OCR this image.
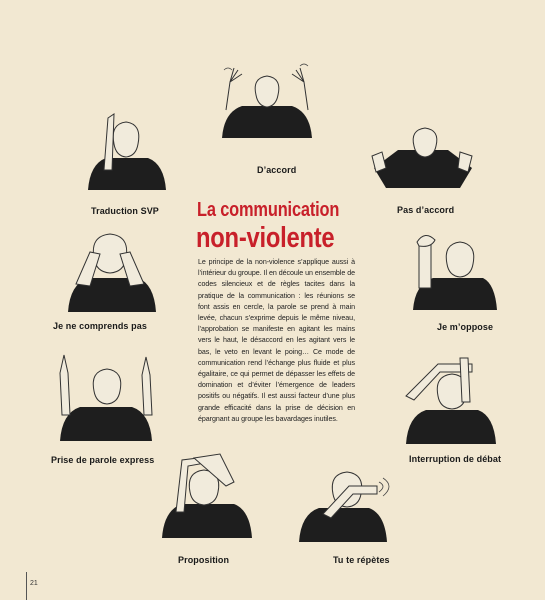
D’accord
Traduction SVP	Pas d’accord
Je ne comprends pas	Je m’oppose
Prise de parole express	Interruption de débat
Proposition	Tu te répètes
La communication
non-violente
Le principe de la non-violence s’applique aussi à l’intérieur du groupe. Il en découle un ensemble de codes silencieux et de règles tacites dans la pratique de la communication : les réunions se font assis en cercle, la parole se prend à main levée, chacun s’exprime depuis le même niveau, l’approbation se manifeste en agitant les mains vers le haut, le désaccord en les agitant vers le bas, le veto en levant le poing… Ce mode de communication rend l’échange plus fluide et plus égalitaire, ce qui permet de dépasser les effets de domination et d’éviter l’émergence de leaders positifs ou négatifs. Il est aussi facteur d’une plus grande efficacité dans la prise de décision en épargnant au groupe les bavardages inutiles.
21
